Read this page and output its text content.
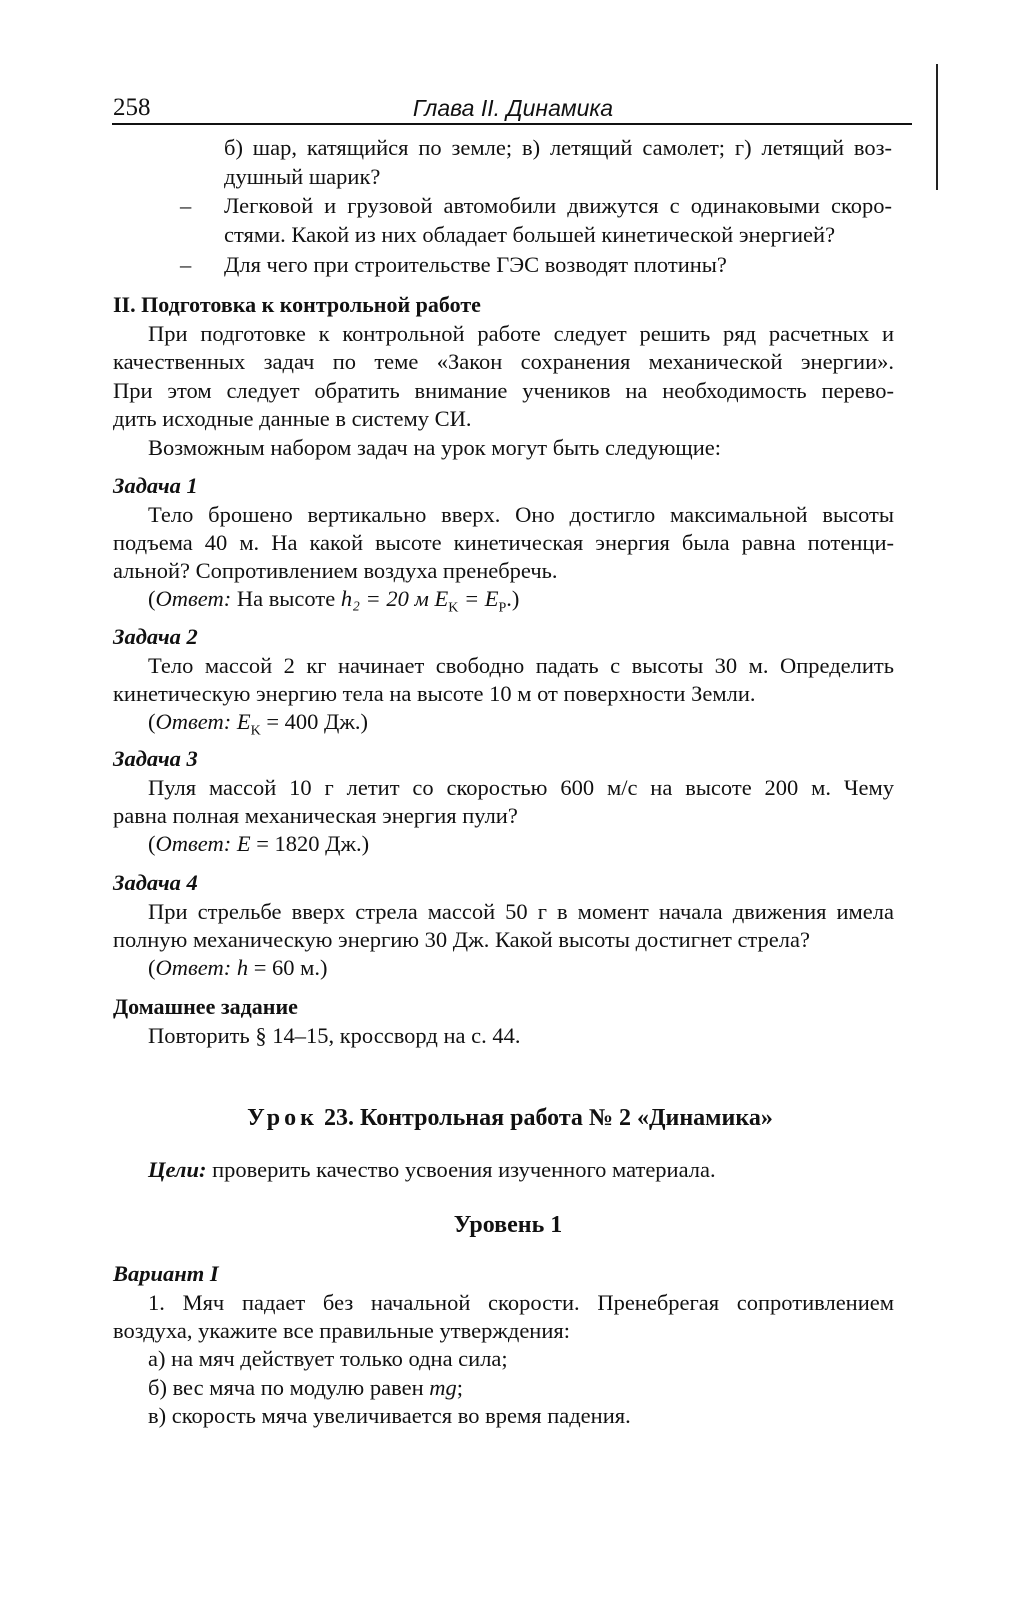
258	Глава II. Динамика
б) шар, катящийся по земле; в) летящий самолет; г) летящий воз-
душный шарик?
– Легковой и грузовой автомобили движутся с одинаковыми скоро-
стями. Какой из них обладает большей кинетической энергией?
– Для чего при строительстве ГЭС возводят плотины?
II. Подготовка к контрольной работе
При подготовке к контрольной работе следует решить ряд расчетных и
качественных задач по теме «Закон сохранения механической энергии».
При этом следует обратить внимание учеников на необходимость перево-
дить исходные данные в систему СИ.
Возможным набором задач на урок могут быть следующие:
Задача 1
Тело брошено вертикально вверх. Оно достигло максимальной высоты
подъема 40 м. На какой высоте кинетическая энергия была равна потенци-
альной? Сопротивлением воздуха пренебречь.
(Ответ: На высоте h₂ = 20 м $E_K = E_P$.)
Задача 2
Тело массой 2 кг начинает свободно падать с высоты 30 м. Определить
кинетическую энергию тела на высоте 10 м от поверхности Земли.
(Ответ: $E_K = 400$ Дж.)
Задача 3
Пуля массой 10 г летит со скоростью 600 м/с на высоте 200 м. Чему
равна полная механическая энергия пули?
(Ответ: E = 1820 Дж.)
Задача 4
При стрельбе вверх стрела массой 50 г в момент начала движения имела
полную механическую энергию 30 Дж. Какой высоты достигнет стрела?
(Ответ: h = 60 м.)
Домашнее задание
Повторить § 14–15, кроссворд на с. 44.
Урок 23. Контрольная работа № 2 «Динамика»
Цели: проверить качество усвоения изученного материала.
Уровень 1
Вариант I
1. Мяч падает без начальной скорости. Пренебрегая сопротивлением
воздуха, укажите все правильные утверждения:
а) на мяч действует только одна сила;
б) вес мяча по модулю равен mg;
в) скорость мяча увеличивается во время падения.
